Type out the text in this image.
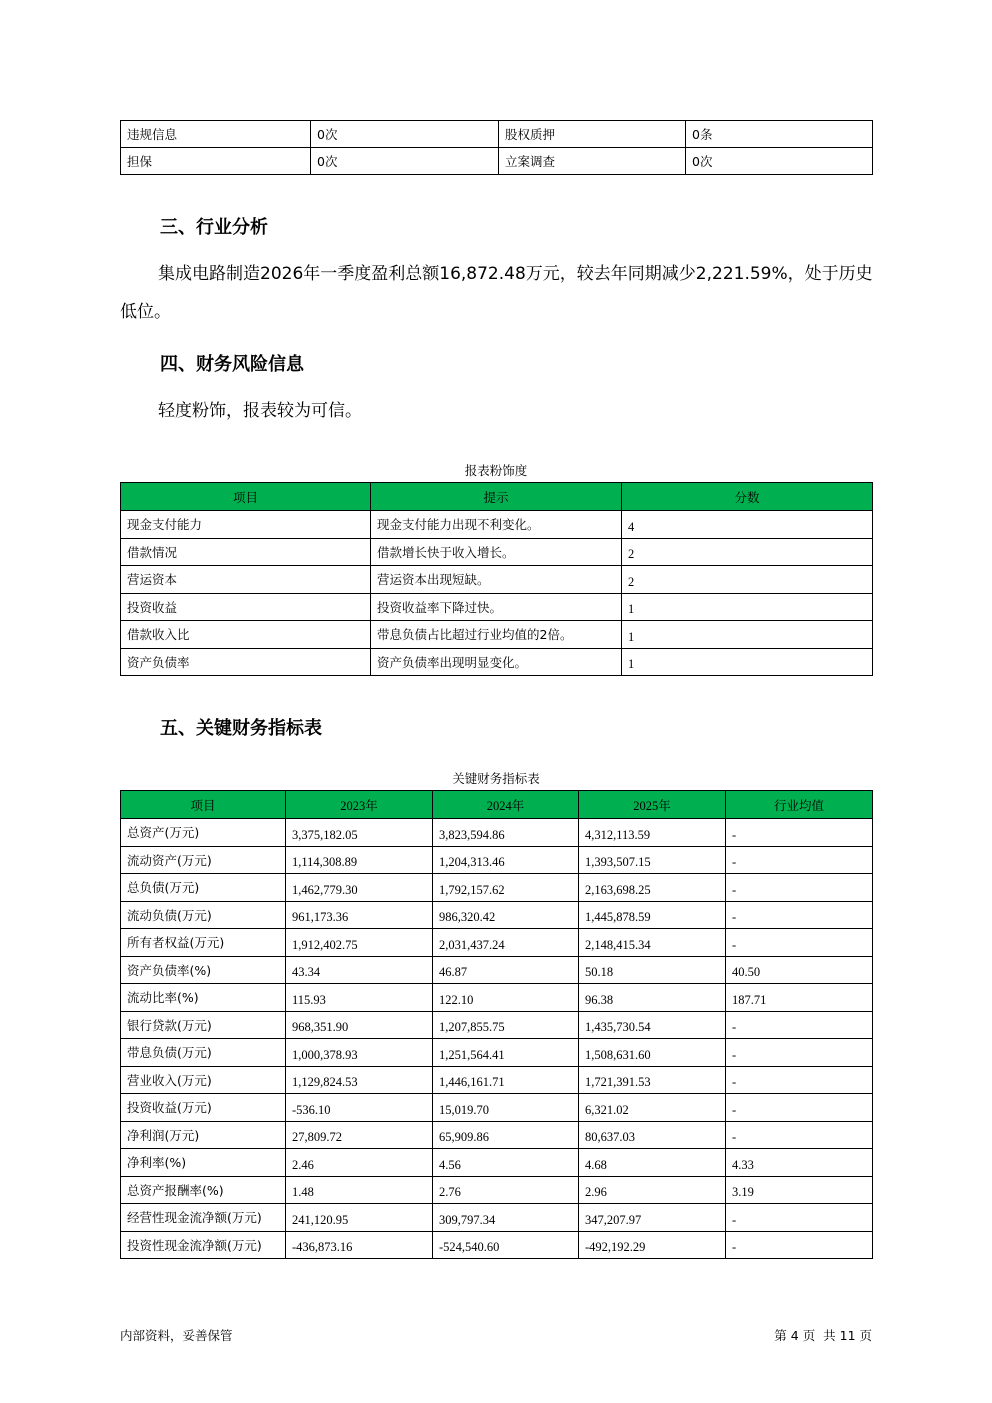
违规信息	0次	股权质押	0条
担保	0次	立案调查	0次
三、行业分析

集成电路制造2026年一季度盈利总额16,872.48万元，较去年同期减少2,221.59%，处于历史低位。

四、财务风险信息

轻度粉饰，报表较为可信。

报表粉饰度

项目	提示	分数
现金支付能力	现金支付能力出现不利变化。	4
借款情况	借款增长快于收入增长。	2
营运资本	营运资本出现短缺。	2
投资收益	投资收益率下降过快。	1
借款收入比	带息负债占比超过行业均值的2倍。	1
资产负债率	资产负债率出现明显变化。	1
五、关键财务指标表

关键财务指标表

项目	2023年	2024年	2025年	行业均值
总资产(万元)	3,375,182.05	3,823,594.86	4,312,113.59	-
流动资产(万元)	1,114,308.89	1,204,313.46	1,393,507.15	-
总负债(万元)	1,462,779.30	1,792,157.62	2,163,698.25	-
流动负债(万元)	961,173.36	986,320.42	1,445,878.59	-
所有者权益(万元)	1,912,402.75	2,031,437.24	2,148,415.34	-
资产负债率(%)	43.34	46.87	50.18	40.50
流动比率(%)	115.93	122.10	96.38	187.71
银行贷款(万元)	968,351.90	1,207,855.75	1,435,730.54	-
带息负债(万元)	1,000,378.93	1,251,564.41	1,508,631.60	-
营业收入(万元)	1,129,824.53	1,446,161.71	1,721,391.53	-
投资收益(万元)	-536.10	15,019.70	6,321.02	-
净利润(万元)	27,809.72	65,909.86	80,637.03	-
净利率(%)	2.46	4.56	4.68	4.33
总资产报酬率(%)	1.48	2.76	2.96	3.19
经营性现金流净额(万元)	241,120.95	309,797.34	347,207.97	-
投资性现金流净额(万元)	-436,873.16	-524,540.60	-492,192.29	-
内部资料，妥善保管	第 4 页  共 11 页
